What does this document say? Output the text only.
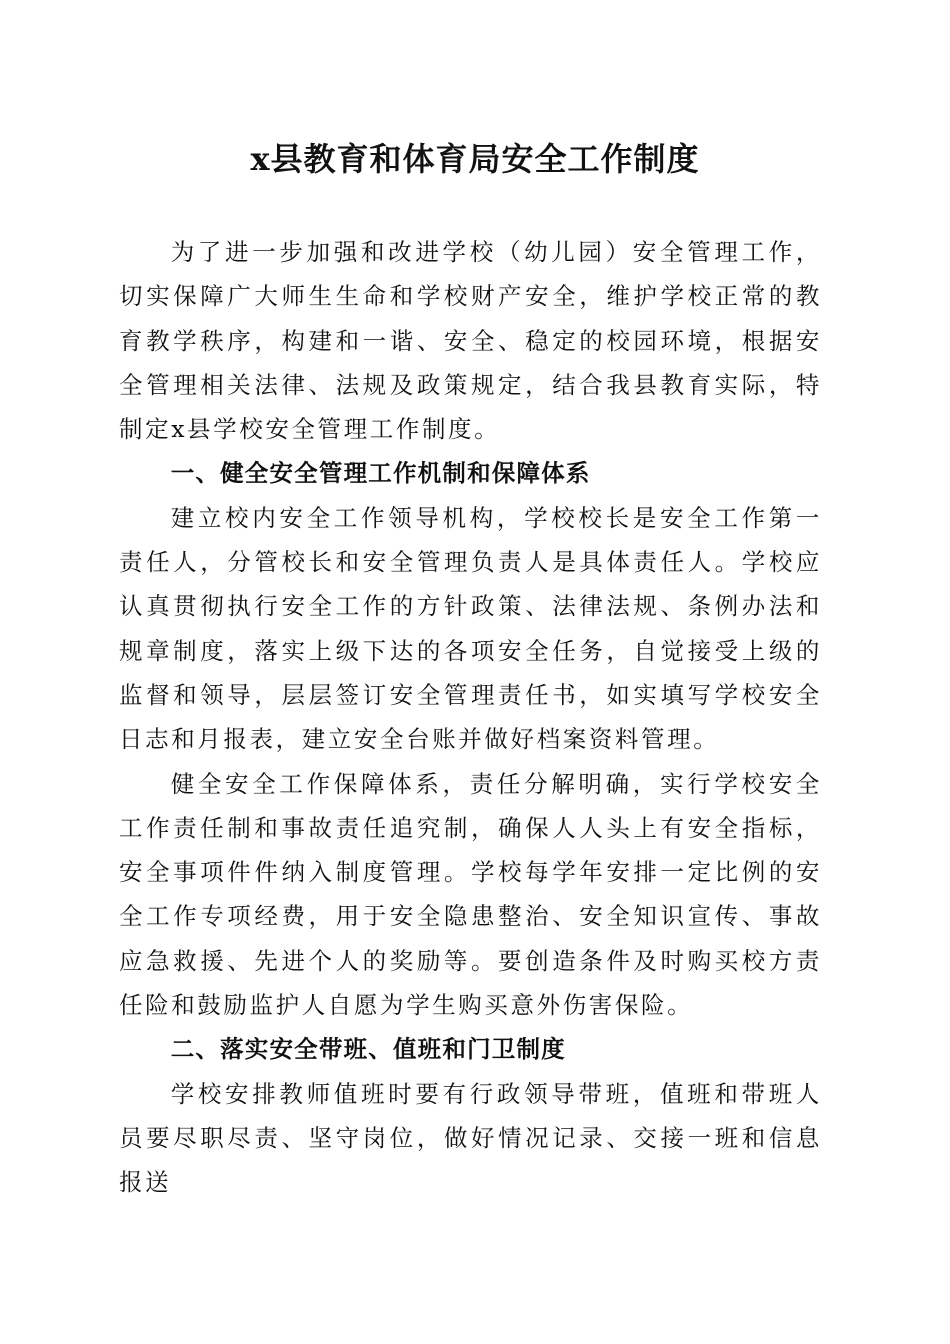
x县教育和体育局安全工作制度

为了进一步加强和改进学校（幼儿园）安全管理工作，切实保障广大师生生命和学校财产安全，维护学校正常的教育教学秩序，构建和一谐、安全、稳定的校园环境，根据安全管理相关法律、法规及政策规定，结合我县教育实际，特制定x县学校安全管理工作制度。

一、健全安全管理工作机制和保障体系

建立校内安全工作领导机构，学校校长是安全工作第一责任人，分管校长和安全管理负责人是具体责任人。学校应认真贯彻执行安全工作的方针政策、法律法规、条例办法和规章制度，落实上级下达的各项安全任务，自觉接受上级的监督和领导，层层签订安全管理责任书，如实填写学校安全日志和月报表，建立安全台账并做好档案资料管理。

健全安全工作保障体系，责任分解明确，实行学校安全工作责任制和事故责任追究制，确保人人头上有安全指标，安全事项件件纳入制度管理。学校每学年安排一定比例的安全工作专项经费，用于安全隐患整治、安全知识宣传、事故应急救援、先进个人的奖励等。要创造条件及时购买校方责任险和鼓励监护人自愿为学生购买意外伤害保险。

二、落实安全带班、值班和门卫制度

学校安排教师值班时要有行政领导带班，值班和带班人员要尽职尽责、坚守岗位，做好情况记录、交接一班和信息报送
